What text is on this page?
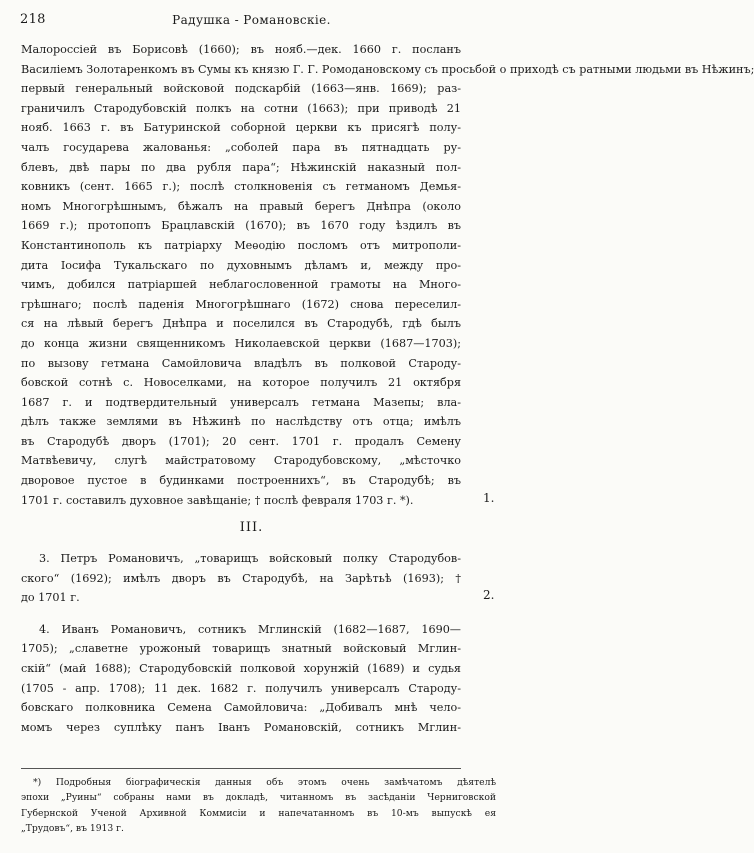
218	Радушка - Романовскіе.
Малороссіей въ Борисовѣ (1660); въ нояб.—дек. 1660 г. посланъ
Василіемъ Золотаренкомъ въ Сумы къ князю Г. Г. Ромодановскому съ просьбой о приходѣ съ ратными людьми въ Нѣжинъ;
первый генеральный войсковой подскарбій (1663—янв. 1669); раз-
граничилъ Стародубовскій полкъ на сотни (1663); при приводѣ 21
нояб. 1663 г. въ Батуринской соборной церкви къ присягѣ полу-
чалъ государева жалованья: „соболей пара въ пятнадцать ру-
блевъ, двѣ пары по два рубля пара“; Нѣжинскій наказный пол-
ковникъ (сент. 1665 г.); послѣ столкновенія съ гетманомъ Демья-
номъ Многогрѣшнымъ, бѣжалъ на правый берегъ Днѣпра (около
1669 г.); протопопъ Брацлавскій (1670); въ 1670 году ѣздилъ въ
Константинополь къ патріарху Меѳодію посломъ отъ митрополи-
дита Іосифа Тукальскаго по духовнымъ дѣламъ и, между про-
чимъ, добился патріаршей неблагословенной грамоты на Много-
грѣшнаго; послѣ паденія Многогрѣшнаго (1672) снова переселил-
ся на лѣвый берегъ Днѣпра и поселился въ Стародубѣ, гдѣ былъ
до конца жизни священникомъ Николаевской церкви (1687—1703);
по вызову гетмана Самойловича владѣлъ въ полковой Староду-
бовской сотнѣ с. Новоселками, на которое получилъ 21 октября
1687 г. и подтвердительный универсалъ гетмана Мазепы; вла-
дѣлъ также землями въ Нѣжинѣ по наслѣдству отъ отца; имѣлъ
въ Стародубѣ дворъ (1701); 20 сент. 1701 г. продалъ Семену
Матвѣевичу, слугѣ майстратовому Стародубовскому, „мѣсточко
дворовое пустое в будинками построеннихъ“, въ Стародубѣ; въ
1701 г. составилъ духовное завѣщаніе; † послѣ февраля 1703 г. *).	1.
III.
3. Петръ Романовичъ, „товарищъ войсковый полку Стародубов-
ского“ (1692); имѣлъ дворъ въ Стародубѣ, на Зарѣтьѣ (1693); †
до 1701 г.
4. Иванъ Романовичъ, сотникъ Мглинскій (1682—1687, 1690—
1705); „славетне урожоный товарищъ знатный войсковый Мглин-
скій“ (май 1688); Стародубовскій полковой хорунжій (1689) и судья
(1705 - апр. 1708); 11 дек. 1682 г. получилъ универсалъ Староду-
бовскаго полковника Семена Самойловича: „Добивалъ мнѣ чело-
момъ через суплѣку панъ Іванъ Романовскій, сотникъ Мглин-
2.
*) Подробныя біографическія данныя объ этомъ очень замѣчатомъ дѣятелѣ
эпохи „Руины“ собраны нами въ докладѣ, читанномъ въ засѣданіи Черниговской
Губернской Ученой Архивной Коммисіи и напечатанномъ въ 10-мъ выпускѣ ея
„Трудовъ“, въ 1913 г.
